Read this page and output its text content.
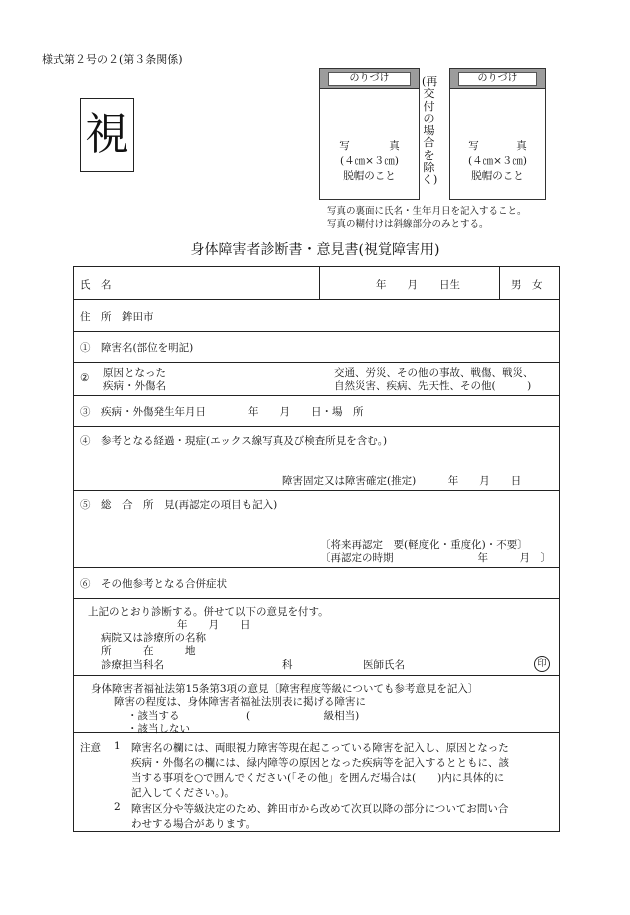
様式第２号の２(第３条関係)
視
のりづけ
写	真
(４㎝×３㎝)
脱帽のこと
(再交付の場合を除く)
のりづけ
写	真
(４㎝×３㎝)
脱帽のこと
写真の裏面に氏名・生年月日を記入すること。
写真の糊付けは斜線部分のみとする。
身体障害者診断書・意見書(視覚障害用)
氏　名	年　　月　　日生	男　女
住　所　鉾田市
①　障害名(部位を明記)
② 原因となった
疾病・外傷名
交通、労災、その他の事故、戦傷、戦災、
自然災害、疾病、先天性、その他(　　　)
③　疾病・外傷発生年月日　　　　年　　月　　日・場　所
④　参考となる経過・現症(エックス線写真及び検査所見を含む。)
障害固定又は障害確定(推定)　　　年　　月　　日
⑤　総　合　所　見(再認定の項目も記入)
〔将来再認定　要(軽度化・重度化)・不要〕
〔再認定の時期　　　　　　　　年　　　月　〕
⑥　その他参考となる合併症状
上記のとおり診断する。併せて以下の意見を付す。
年　　月　　日
病院又は診療所の名称
所　　　在　　　地
診療担当科名	科	医師氏名	印
身体障害者福祉法第15条第3項の意見〔障害程度等級についても参考意見を記入〕
障害の程度は、身体障害者福祉法別表に掲げる障害に
・該当する	(　　　　　　　級相当)
・該当しない
注意 1 障害名の欄には、両眼視力障害等現在起こっている障害を記入し、原因となった
疾病・外傷名の欄には、緑内障等の原因となった疾病等を記入するとともに、該
当する事項を○で囲んでください(「その他」を囲んだ場合は(　　)内に具体的に
記入してください。)。
2 障害区分や等級決定のため、鉾田市から改めて次頁以降の部分についてお問い合
わせする場合があります。
